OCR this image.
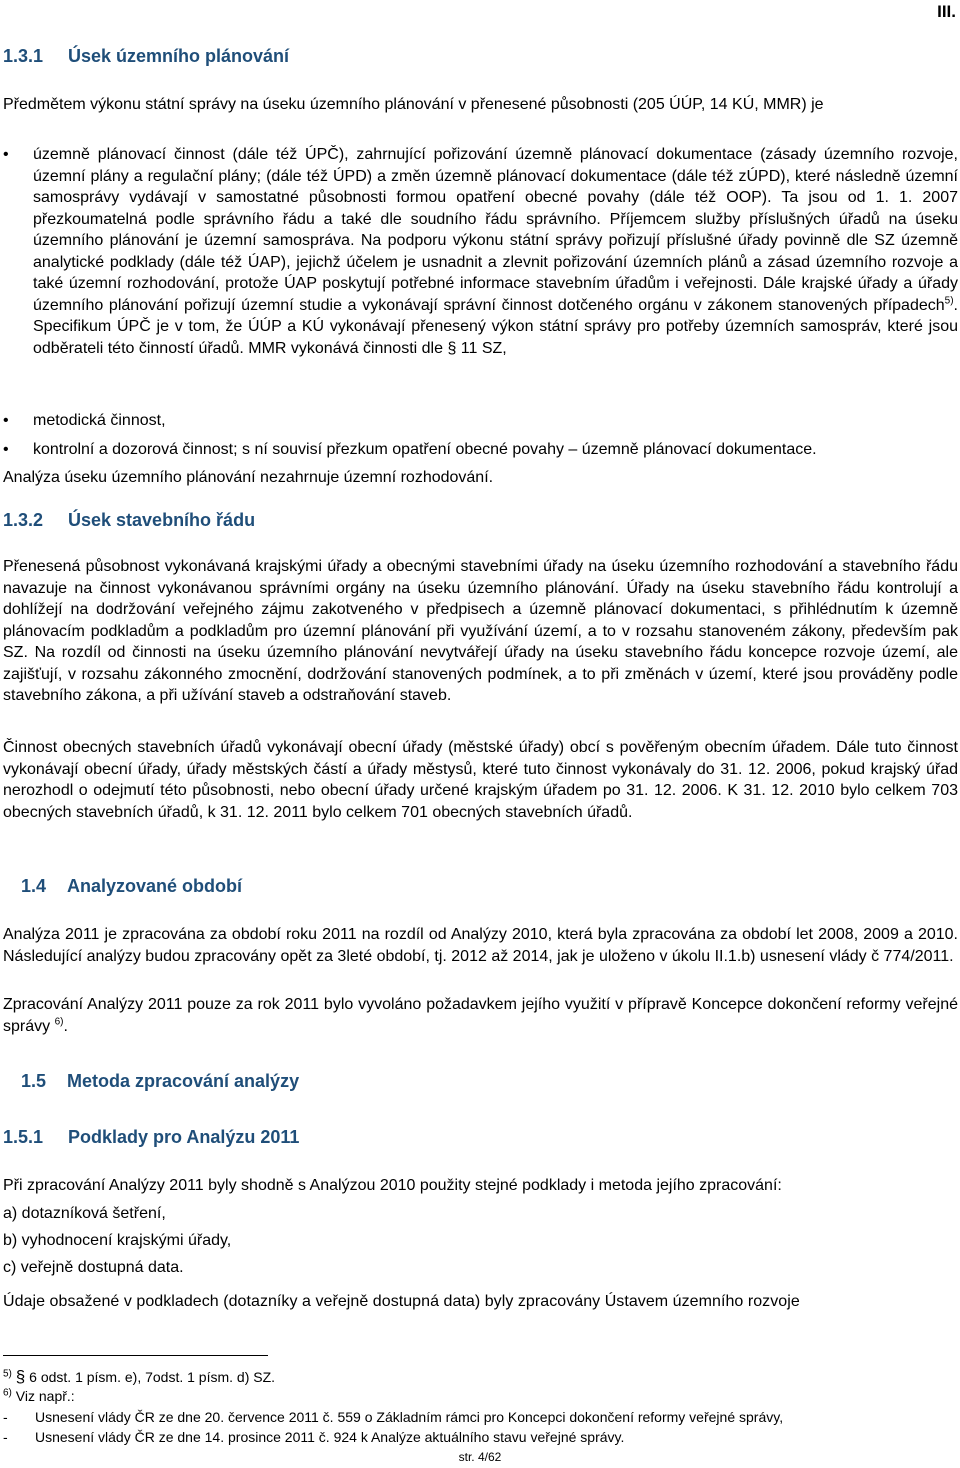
III.
1.3.1 Úsek územního plánování

Předmětem výkonu státní správy na úseku územního plánování v přenesené působnosti (205 ÚÚP, 14 KÚ, MMR) je

• územně plánovací činnost (dále též ÚPČ), zahrnující pořizování územně plánovací dokumentace (zásady územního rozvoje, územní plány a regulační plány; (dále též ÚPD) a změn územně plánovací dokumentace (dále též zÚPD), které následně územní samosprávy vydávají v samostatné působnosti formou opatření obecné povahy (dále též OOP). Ta jsou od 1. 1. 2007 přezkoumatelná podle správního řádu a také dle soudního řádu správního. Příjemcem služby příslušných úřadů na úseku územního plánování je územní samospráva. Na podporu výkonu státní správy pořizují příslušné úřady povinně dle SZ územně analytické podklady (dále též ÚAP), jejichž účelem je usnadnit a zlevnit pořizování územních plánů a zásad územního rozvoje a také územní rozhodování, protože ÚAP poskytují potřebné informace stavebním úřadům i veřejnosti. Dále krajské úřady a úřady územního plánování pořizují územní studie a vykonávají správní činnost dotčeného orgánu v zákonem stanovených případech$^{5)}$. Specifikum ÚPČ je v tom, že ÚÚP a KÚ vykonávají přenesený výkon státní správy pro potřeby územních samospráv, které jsou odběrateli této činností úřadů. MMR vykonává činnosti dle § 11 SZ,
• metodická činnost,
• kontrolní a dozorová činnost; s ní souvisí přezkum opatření obecné povahy – územně plánovací dokumentace.

Analýza úseku územního plánování nezahrnuje územní rozhodování.

1.3.2 Úsek stavebního řádu

Přenesená působnost vykonávaná krajskými úřady a obecnými stavebními úřady na úseku územního rozhodování a stavebního řádu navazuje na činnost vykonávanou správními orgány na úseku územního plánování. Úřady na úseku stavebního řádu kontrolují a dohlížejí na dodržování veřejného zájmu zakotveného v předpisech a územně plánovací dokumentaci, s přihlédnutím k územně plánovacím podkladům a podkladům pro územní plánování při využívání území, a to v rozsahu stanoveném zákony, především pak SZ. Na rozdíl od činnosti na úseku územního plánování nevytvářejí úřady na úseku stavebního řádu koncepce rozvoje území, ale zajišťují, v rozsahu zákonného zmocnění, dodržování stanovených podmínek, a to při změnách v území, které jsou prováděny podle stavebního zákona, a při užívání staveb a odstraňování staveb.

Činnost obecných stavebních úřadů vykonávají obecní úřady (městské úřady) obcí s pověřeným obecním úřadem. Dále tuto činnost vykonávají obecní úřady, úřady městských částí a úřady městysů, které tuto činnost vykonávaly do 31. 12. 2006, pokud krajský úřad nerozhodl o odejmutí této působnosti, nebo obecní úřady určené krajským úřadem po 31. 12. 2006. K 31. 12. 2010 bylo celkem 703 obecných stavebních úřadů, k 31. 12. 2011 bylo celkem 701 obecných stavebních úřadů.

1.4 Analyzované období

Analýza 2011 je zpracována za období roku 2011 na rozdíl od Analýzy 2010, která byla zpracována za období let 2008, 2009 a 2010. Následující analýzy budou zpracovány opět za 3leté období, tj. 2012 až 2014, jak je uloženo v úkolu II.1.b) usnesení vlády č 774/2011.

Zpracování Analýzy 2011 pouze za rok 2011 bylo vyvoláno požadavkem jejího využití v přípravě Koncepce dokončení reformy veřejné správy $^{6)}$.

1.5 Metoda zpracování analýzy
1.5.1 Podklady pro Analýzu 2011

Při zpracování Analýzy 2011 byly shodně s Analýzou 2010 použity stejné podklady i metoda jejího zpracování:

a) dotazníková šetření,

b) vyhodnocení krajskými úřady,

c) veřejně dostupná data.

Údaje obsažené v podkladech (dotazníky a veřejně dostupná data) byly zpracovány Ústavem územního rozvoje

$^{5)}$ § 6 odst. 1 písm. e), 7odst. 1 písm. d) SZ.
$^{6)}$ Viz např.:
- Usnesení vlády ČR ze dne 20. července 2011 č. 559 o Základním rámci pro Koncepci dokončení reformy veřejné správy,
- Usnesení vlády ČR ze dne 14. prosince 2011 č. 924 k Analýze aktuálního stavu veřejné správy.
str. 4/62
